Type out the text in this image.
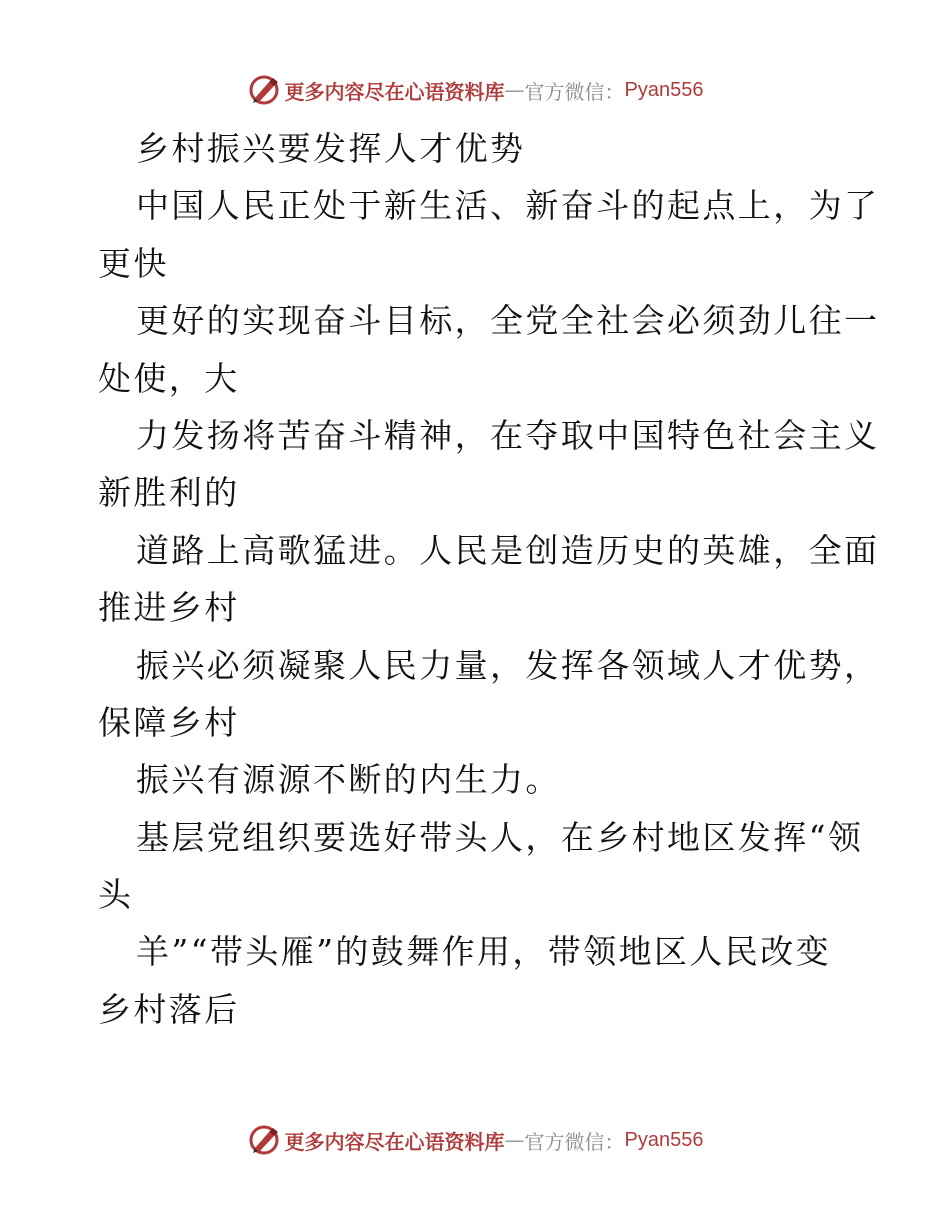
更多内容尽在心语资料库 — 官方微信： Pyan556
乡村振兴要发挥人才优势
中国人民正处于新生活、新奋斗的起点上，为了
更快
更好的实现奋斗目标，全党全社会必须劲儿往一
处使，大
力发扬将苦奋斗精神，在夺取中国特色社会主义
新胜利的
道路上高歌猛进。人民是创造历史的英雄，全面
推进乡村
振兴必须凝聚人民力量，发挥各领域人才优势，
保障乡村
振兴有源源不断的内生力。
基层党组织要选好带头人，在乡村地区发挥“领
头
羊”“带头雁”的鼓舞作用，带领地区人民改变
乡村落后
更多内容尽在心语资料库 — 官方微信： Pyan556
